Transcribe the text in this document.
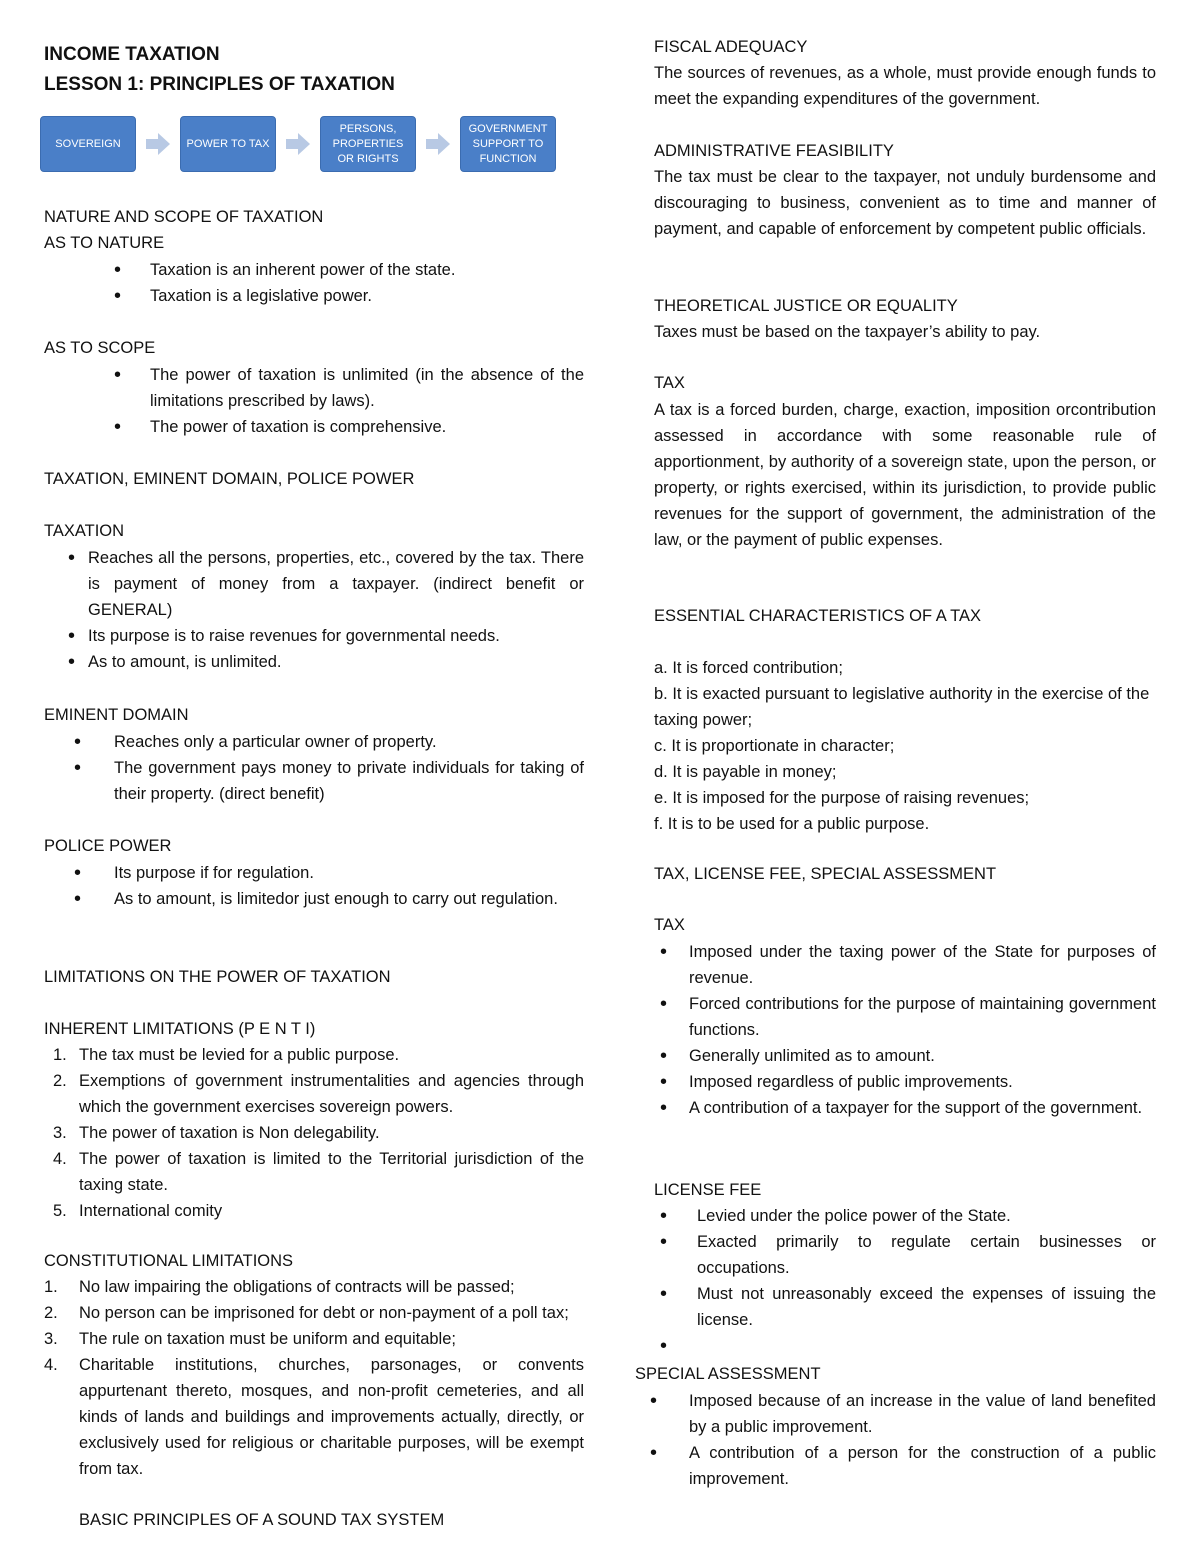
INCOME TAXATION
LESSON 1: PRINCIPLES OF TAXATION
NATURE AND SCOPE OF TAXATION
AS TO NATURE
• Taxation is an inherent power of the state.
• Taxation is a legislative power.
AS TO SCOPE
• The power of taxation is unlimited (in the absence of the limitations prescribed by laws).
• The power of taxation is comprehensive.
TAXATION, EMINENT DOMAIN, POLICE POWER
TAXATION
• Reaches all the persons, properties, etc., covered by the tax. There is payment of money from a taxpayer. (indirect benefit or GENERAL)
• Its purpose is to raise revenues for governmental needs.
• As to amount, is unlimited.
EMINENT DOMAIN
• Reaches only a particular owner of property.
• The government pays money to private individuals for taking of their property. (direct benefit)
POLICE POWER
• Its purpose if for regulation.
• As to amount, is limitedor just enough to carry out regulation.
LIMITATIONS ON THE POWER OF TAXATION
INHERENT LIMITATIONS (P E N T I)
1. The tax must be levied for a public purpose.
2. Exemptions of government instrumentalities and agencies through which the government exercises sovereign powers.
3. The power of taxation is Non delegability.
4. The power of taxation is limited to the Territorial jurisdiction of the taxing state.
5. International comity
CONSTITUTIONAL LIMITATIONS
1. No law impairing the obligations of contracts will be passed;
2. No person can be imprisoned for debt or non-payment of a poll tax;
3. The rule on taxation must be uniform and equitable;
4. Charitable institutions, churches, parsonages, or convents appurtenant thereto, mosques, and non-profit cemeteries, and all kinds of lands and buildings and improvements actually, directly, or exclusively used for religious or charitable purposes, will be exempt from tax.
BASIC PRINCIPLES OF A SOUND TAX SYSTEM
SOVEREIGN	POWER TO TAX
PERSONS, PROPERTIES OR RIGHTS
GOVERNMENT SUPPORT TO FUNCTION
FISCAL ADEQUACY
The sources of revenues, as a whole, must provide enough funds to meet the expanding expenditures of the government.
ADMINISTRATIVE FEASIBILITY
The tax must be clear to the taxpayer, not unduly burdensome and discouraging to business, convenient as to time and manner of payment, and capable of enforcement by competent public officials.
THEORETICAL JUSTICE OR EQUALITY
Taxes must be based on the taxpayer’s ability to pay.
TAX
A tax is a forced burden, charge, exaction, imposition orcontribution assessed in accordance with some reasonable rule of apportionment, by authority of a sovereign state, upon the person, or property, or rights exercised, within its jurisdiction, to provide public revenues for the support of government, the administration of the law, or the payment of public expenses.
ESSENTIAL CHARACTERISTICS OF A TAX
a. It is forced contribution;
b. It is exacted pursuant to legislative authority in the exercise of the taxing power;
c. It is proportionate in character;
d. It is payable in money;
e. It is imposed for the purpose of raising revenues;
f. It is to be used for a public purpose.
TAX, LICENSE FEE, SPECIAL ASSESSMENT
TAX
• Imposed under the taxing power of the State for purposes of revenue.
• Forced contributions for the purpose of maintaining government functions.
• Generally unlimited as to amount.
• Imposed regardless of public improvements.
• A contribution of a taxpayer for the support of the government.
LICENSE FEE
• Levied under the police power of the State.
• Exacted primarily to regulate certain businesses or occupations.
• Must not unreasonably exceed the expenses of issuing the license.
•
SPECIAL ASSESSMENT
• Imposed because of an increase in the value of land benefited by a public improvement.
• A contribution of a person for the construction of a public improvement.
